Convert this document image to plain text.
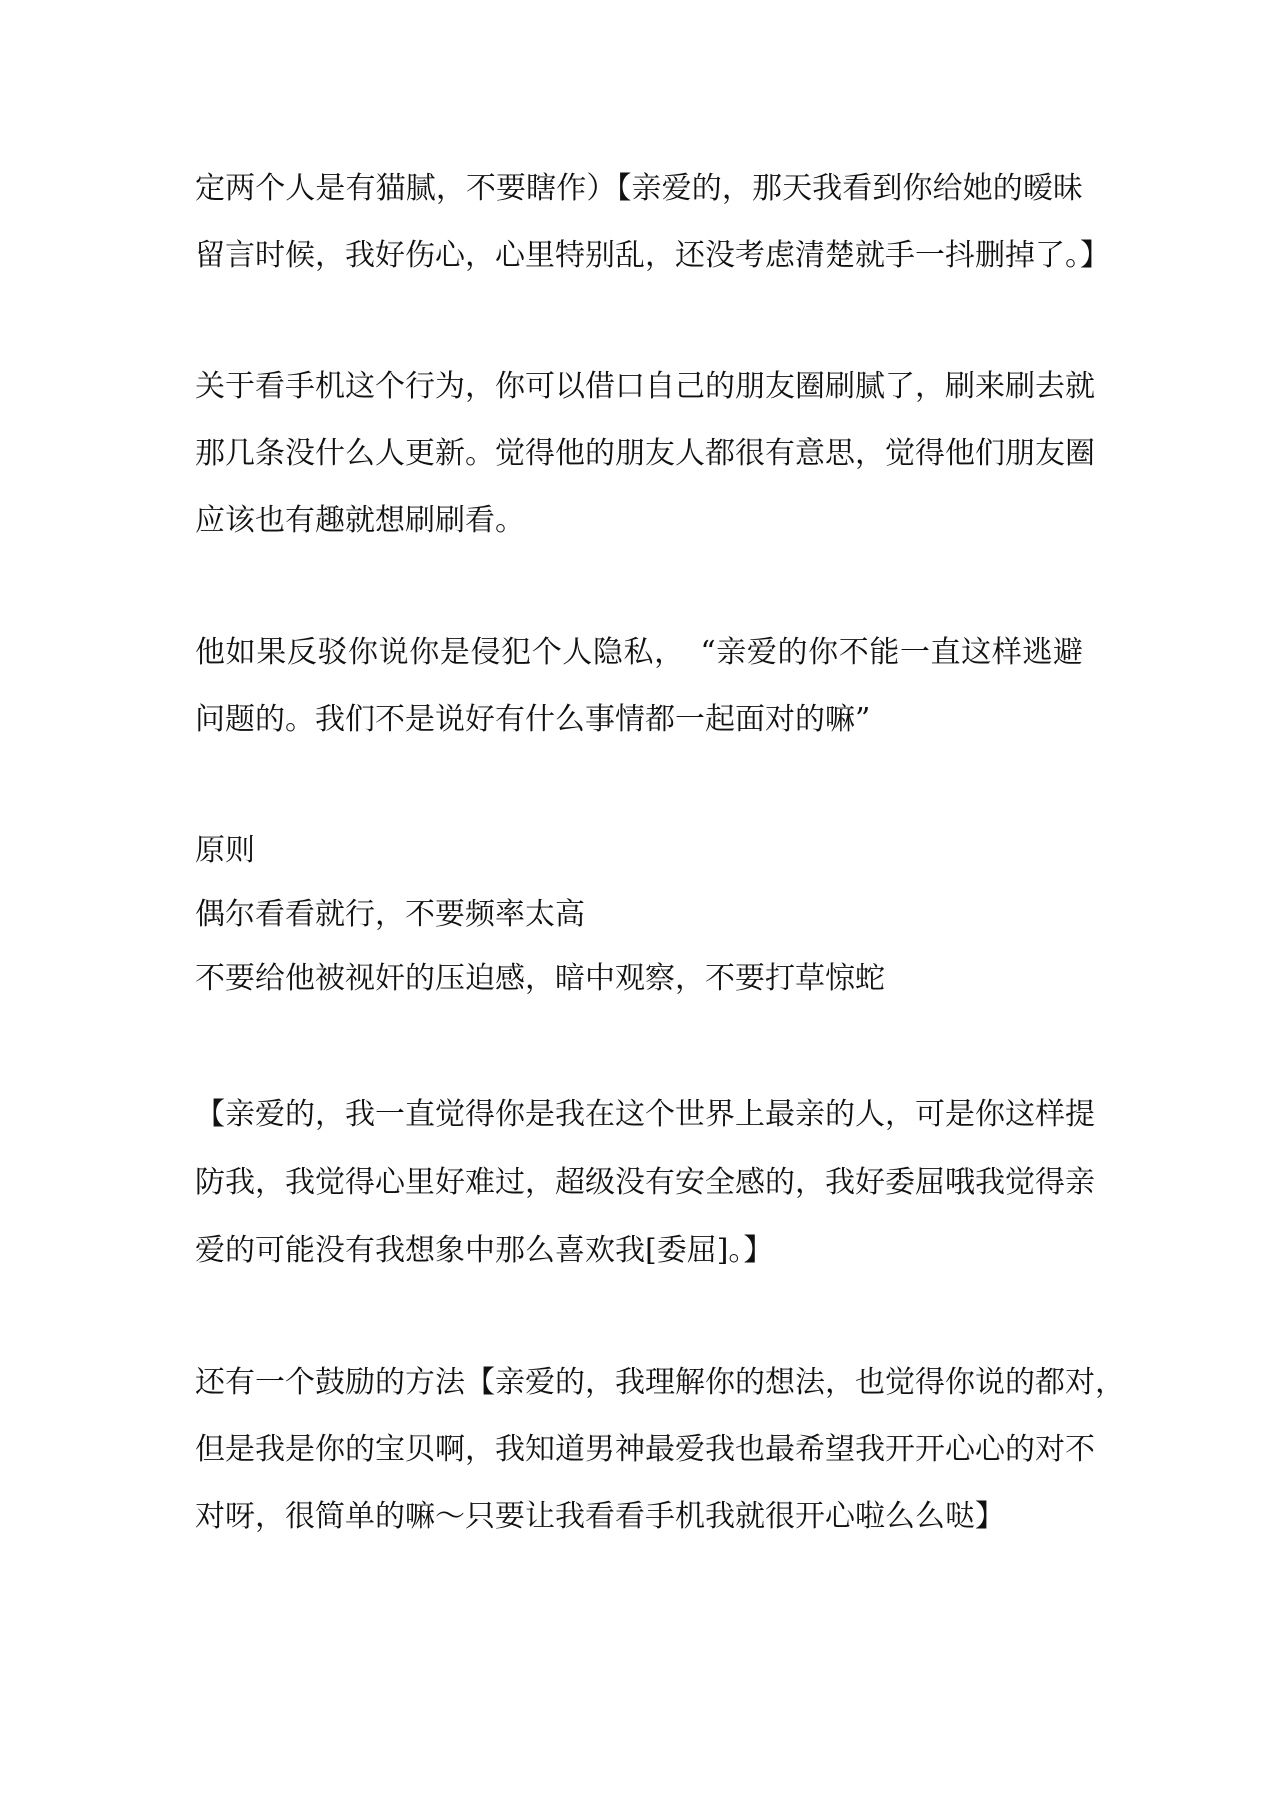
定两个人是有猫腻，不要瞎作）【亲爱的，那天我看到你给她的暧昧
留言时候，我好伤心，心里特别乱，还没考虑清楚就手一抖删掉了。】
关于看手机这个行为，你可以借口自己的朋友圈刷腻了，刷来刷去就
那几条没什么人更新。觉得他的朋友人都很有意思，觉得他们朋友圈
应该也有趣就想刷刷看。
他如果反驳你说你是侵犯个人隐私，　“亲爱的你不能一直这样逃避
问题的。我们不是说好有什么事情都一起面对的嘛”
原则
偶尔看看就行，不要频率太高
不要给他被视奸的压迫感，暗中观察，不要打草惊蛇
【亲爱的，我一直觉得你是我在这个世界上最亲的人，可是你这样提
防我，我觉得心里好难过，超级没有安全感的，我好委屈哦我觉得亲
爱的可能没有我想象中那么喜欢我[委屈]。】
还有一个鼓励的方法【亲爱的，我理解你的想法，也觉得你说的都对，
但是我是你的宝贝啊，我知道男神最爱我也最希望我开开心心的对不
对呀，很简单的嘛～只要让我看看手机我就很开心啦么么哒】
